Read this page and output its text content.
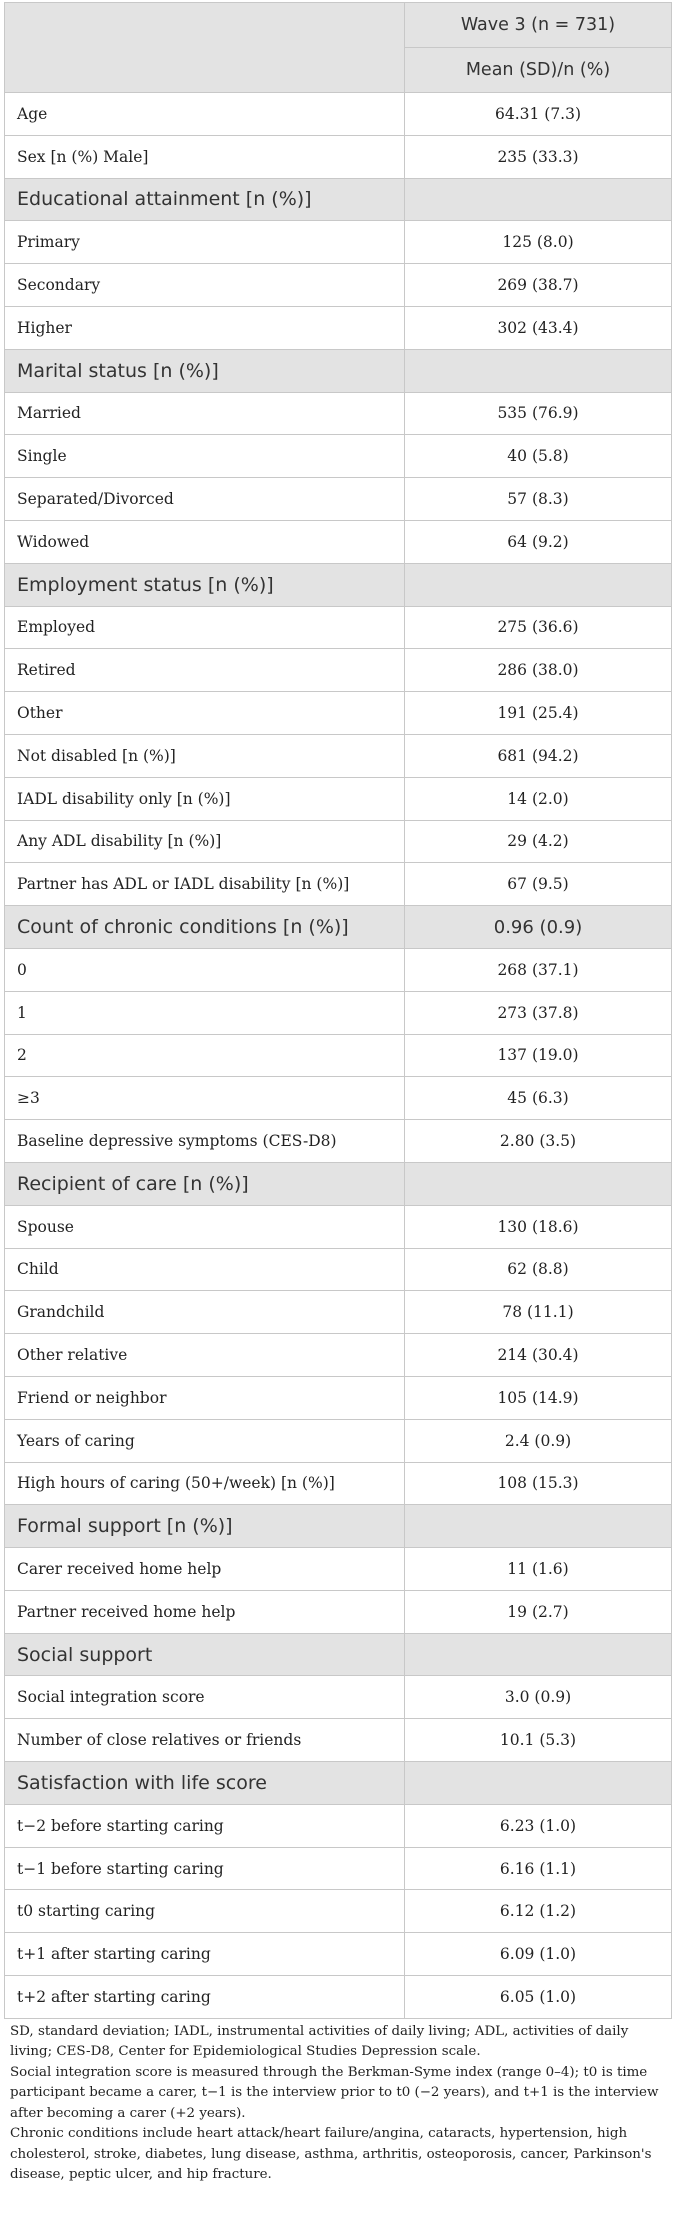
	Wave 3 (n = 731)
	Mean (SD)/n (%)
Age	64.31 (7.3)
Sex [n (%) Male]	235 (33.3)
Educational attainment [n (%)]	
Primary	125 (8.0)
Secondary	269 (38.7)
Higher	302 (43.4)
Marital status [n (%)]	
Married	535 (76.9)
Single	40 (5.8)
Separated/Divorced	57 (8.3)
Widowed	64 (9.2)
Employment status [n (%)]	
Employed	275 (36.6)
Retired	286 (38.0)
Other	191 (25.4)
Not disabled [n (%)]	681 (94.2)
IADL disability only [n (%)]	14 (2.0)
Any ADL disability [n (%)]	29 (4.2)
Partner has ADL or IADL disability [n (%)]	67 (9.5)
Count of chronic conditions [n (%)]	0.96 (0.9)
0	268 (37.1)
1	273 (37.8)
2	137 (19.0)
≥3	45 (6.3)
Baseline depressive symptoms (CES-D8)	2.80 (3.5)
Recipient of care [n (%)]	
Spouse	130 (18.6)
Child	62 (8.8)
Grandchild	78 (11.1)
Other relative	214 (30.4)
Friend or neighbor	105 (14.9)
Years of caring	2.4 (0.9)
High hours of caring (50+/week) [n (%)]	108 (15.3)
Formal support [n (%)]	
Carer received home help	11 (1.6)
Partner received home help	19 (2.7)
Social support	
Social integration score	3.0 (0.9)
Number of close relatives or friends	10.1 (5.3)
Satisfaction with life score	
t−2 before starting caring	6.23 (1.0)
t−1 before starting caring	6.16 (1.1)
t0 starting caring	6.12 (1.2)
t+1 after starting caring	6.09 (1.0)
t+2 after starting caring	6.05 (1.0)

SD, standard deviation; IADL, instrumental activities of daily living; ADL, activities of daily living; CES-D8, Center for Epidemiological Studies Depression scale.

Social integration score is measured through the Berkman-Syme index (range 0–4); t0 is time participant became a carer, t−1 is the interview prior to t0 (−2 years), and t+1 is the interview after becoming a carer (+2 years).

Chronic conditions include heart attack/heart failure/angina, cataracts, hypertension, high cholesterol, stroke, diabetes, lung disease, asthma, arthritis, osteoporosis, cancer, Parkinson's disease, peptic ulcer, and hip fracture.
